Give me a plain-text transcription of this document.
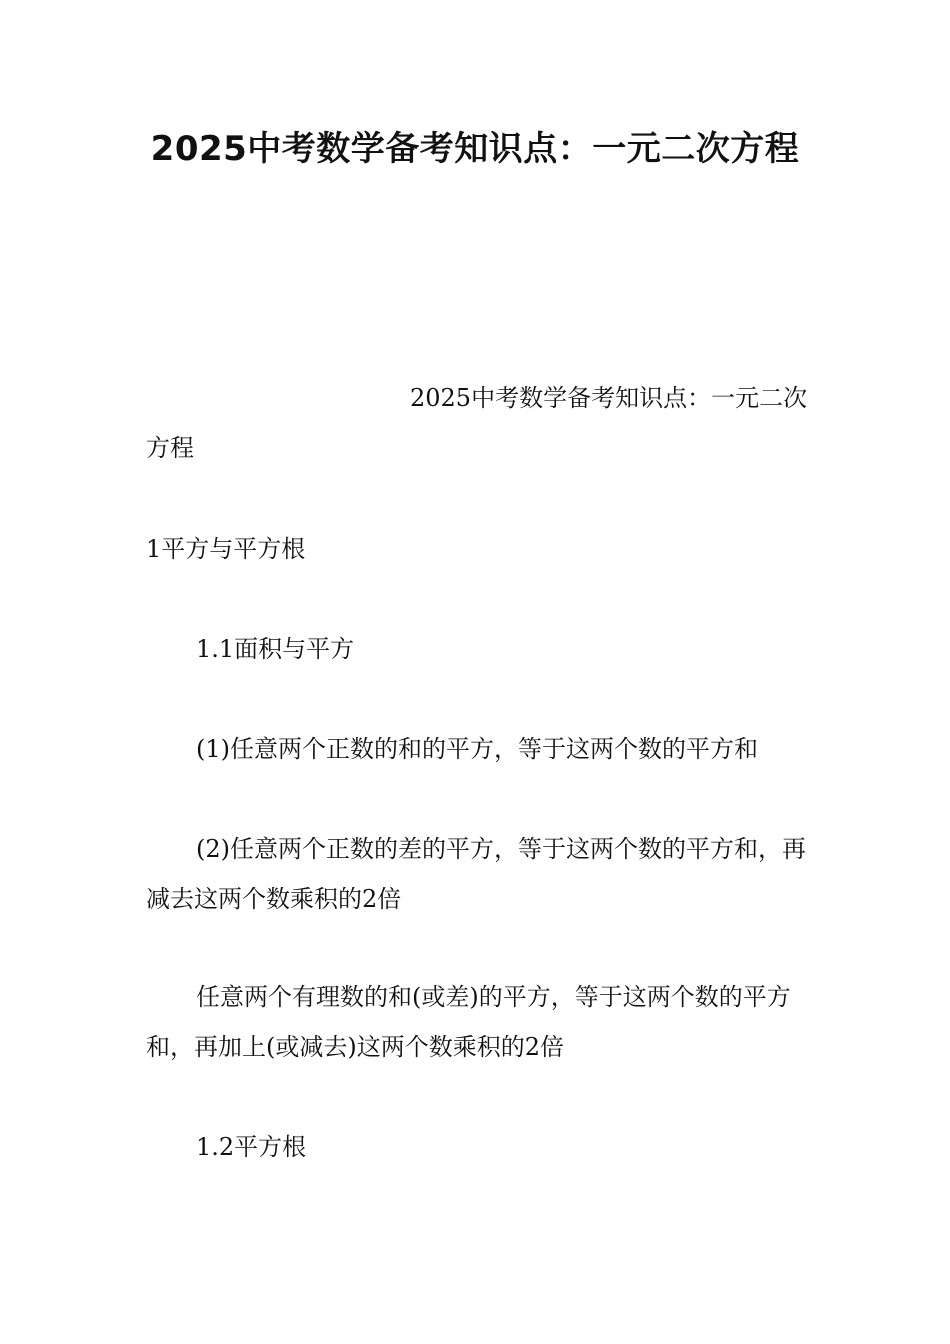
2025中考数学备考知识点：一元二次方程

2025中考数学备考知识点：一元二次方程

1平方与平方根

1.1面积与平方

(1)任意两个正数的和的平方，等于这两个数的平方和

(2)任意两个正数的差的平方，等于这两个数的平方和，再减去这两个数乘积的2倍

任意两个有理数的和(或差)的平方，等于这两个数的平方和，再加上(或减去)这两个数乘积的2倍

1.2平方根
